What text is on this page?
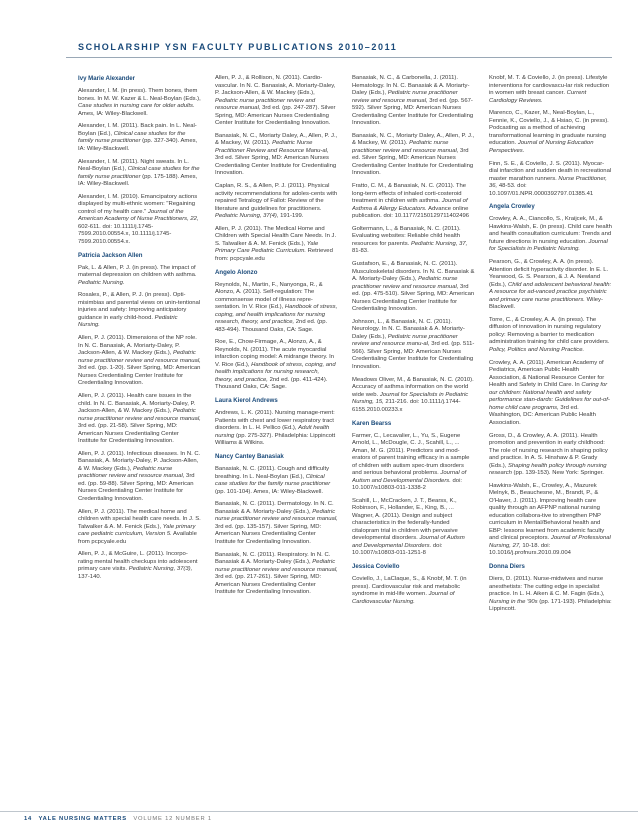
SCHOLARSHIP YSN FACULTY PUBLICATIONS 2010–2011
Ivy Marie Alexander
Alexander, I. M. (in press). Them bones, them bones. In M. W. Kazer & L. Neal-Boylan (Eds.), Case studies in nursing care for older adults. Ames, IA: Wiley-Blackwell.
Alexander, I. M. (2011). Back pain. In L. Neal-Boylan (Ed.), Clinical case studies for the family nurse practitioner (pp. 327-340). Ames, IA: Wiley-Blackwell.
Alexander, I. M. (2011). Night sweats. In L. Neal-Boylan (Ed.), Clinical case studies for the family nurse practitioner (pp. 175-188). Ames, IA: Wiley-Blackwell.
Alexander, I. M. (2010). Emancipatory actions displayed by multi-ethnic women: "Regaining control of my health care." Journal of the American Academy of Nurse Practitioners, 22, 602-611. doi: 10.1111/j.1745-7599.2010.00554.x, 10.1111/j.1745-7599.2010.00554.x.
Patricia Jackson Allen
Pak, L. & Allen, P. J. (in press). The impact of maternal depression on children with asthma. Pediatric Nursing.
Rosales, P., & Allen, P. J. (in press). Opti-misimbias and parental views on unin-tentional injuries and safety: Improving anticipatory guidance in early child-hood. Pediatric Nursing.
Allen, P. J. (2011). Dimensions of the NP role. In N. C. Banasiak, A. Moriarty-Daley, P. Jackson-Allen, & W. Mackey (Eds.), Pediatric nurse practitioner review and resource manual, 3rd ed. (pp. 1-20). Silver Spring, MD: American Nurses Credentialing Center Institute for Credentialing Innovation.
Allen, P. J. (2011). Health care issues in the child. In N. C. Banasiak, A. Moriarty-Daley, P. Jackson-Allen, & W. Mackey (Eds.), Pediatric nurse practitioner review and resource manual, 3rd ed. (pp. 21-58). Silver Spring, MD: American Nurses Credentialing Center Institute for Credentialing Innovation.
Allen, P. J. (2011). Infectious diseases. In N. C. Banasiak, A. Moriarty-Daley, P. Jackson-Allen, & W. Mackey (Eds.), Pediatric nurse practitioner review and resource manual, 3rd ed. (pp. 59-88). Silver Spring, MD: American Nurses Credentialing Center Institute for Credentialing Innovation.
Allen, P. J. (2011). The medical home and children with special health care needs. In J. S. Talwalker & A. M. Fenick (Eds.), Yale primary care pediatric curriculum, Version 5. Available from pcpcyale.edu
Allen, P. J., & McGuire, L. (2011). Incorpo-rating mental health checkups into adolescent primary care visits. Pediatric Nursing, 37(3), 137-140.
Allen, P. J., & Rollison, N. (2011). Cardio-vascular. In N. C. Banasiak, A. Moriarty-Daley, P. Jackson-Allen, & W. Mackey (Eds.), Pediatric nurse practitioner review and resource manual, 3rd ed. (pp. 247-287). Silver Spring, MD: American Nurses Credentialing Center Institute for Credentialing Innovation.
Banasiak, N. C., Moriarty Daley, A., Allen, P. J., & Mackey, W. (2011). Pediatric Nurse Practitioner Review and Resource Manu-al, 3rd ed. Silver Spring, MD: American Nurses Credentialing Center Institute for Credentialing Innovation.
Caplan, R. S., & Allen, P. J. (2011). Physical activity recommendations for adoles-cents with repaired Tetralogy of Fallot: Review of the literature and guidelines for practitioners. Pediatric Nursing, 37(4), 191-199.
Allen, P. J. (2011). The Medical Home and Children with Special Health Care Needs. In J. S. Talwalker & A. M. Fenick (Eds.), Yale Primary Care Pediatric Curriculum. Retrieved from: pcpcyale.edu
Angelo Alonzo
Reynolds, N., Martin, F., Nanyonga, R., & Alonzo, A. (2011). Self-regulation: The commonsense model of illness repre-sentation. In V. Rice (Ed.), Handbook of stress, coping, and health implications for nursing research, theory, and practice, 2nd ed. (pp. 483-494). Thousand Oaks, CA: Sage.
Roe, E., Chow-Firmage, A., Alonzo, A., & Reynolds, N. (2011). The acute myocardial infarction coping model: A midrange theory. In V. Rice (Ed.), Handbook of stress, coping, and health implications for nursing research, theory, and practice, 2nd ed. (pp. 411-424). Thousand Oaks, CA: Sage.
Laura Kierol Andrews
Andrews, L. K. (2011). Nursing manage-ment: Patients with chest and lower respiratory tract disorders. In L. H. Pellico (Ed.), Adult health nursing (pp. 275-327). Philadelphia: Lippincott Williams & Wilkins.
Nancy Cantey Banasiak
Banasiak, N. C. (2011). Cough and difficulty breathing. In L. Neal-Boylan (Ed.), Clinical case studies for the family nurse practitioner (pp. 101-104). Ames, IA: Wiley-Blackwell.
Banasiak, N. C. (2011). Dermatology. In N. C. Banasiak & A. Moriarty-Daley (Eds.), Pediatric nurse practitioner review and resource manual, 3rd ed. (pp. 135-157). Silver Spring, MD: American Nurses Credentialing Center Institute for Credentialing Innovation.
Banasiak, N. C. (2011). Respiratory. In N. C. Banasiak & A. Moriarty-Daley (Eds.), Pediatric nurse practitioner review and resource manual, 3rd ed. (pp. 217-261). Silver Spring, MD: American Nurses Credentialing Center Institute for Credentialing Innovation.
Banasiak, N. C., & Carbonella, J. (2011). Hematology. In N. C. Banasiak & A. Moriarty-Daley (Eds.), Pediatric nurse practitioner review and resource manual, 3rd ed. (pp. 567-592). Silver Spring, MD: American Nurses Credentialing Center Institute for Credentialing Innovation.
Banasiak, N. C., Moriarty Daley, A., Allen, P. J., & Mackey, W. (2011). Pediatric nurse practitioner review and resource manual, 3rd ed. Silver Spring, MD: American Nurses Credentialing Center Institute for Credentialing Innovation.
Fratto, C. M., & Banasiak, N. C. (2011). The long-term effects of inhaled corti-costeroid treatment in children with asthma. Journal of Asthma & Allergy Educators. Advance online publication. doi: 10.1177/2150129711402496
Goltermann, L., & Banasiak, N. C. (2011). Evaluating websites: Reliable child health resources for parents. Pediatric Nursing, 37, 81-83.
Gustafson, E., & Banasiak, N. C. (2011). Musculoskeletal disorders. In N. C. Banasiak & A. Moriarty-Daley (Eds.), Pediatric nurse practitioner review and resource manual, 3rd ed. (pp. 475-510). Silver Spring, MD: American Nurses Credentialing Center Institute for Credentialing Innovation.
Johnson, L., & Banasiak, N. C. (2011). Neurology. In N. C. Banasiak & A. Moriarty-Daley (Eds.), Pediatric nurse practitioner review and resource manu-al, 3rd ed. (pp. 511-566). Silver Spring, MD: American Nurses Credentialing Center Institute for Credentialing Innovation.
Meadows Oliver, M., & Banasiak, N. C. (2010). Accuracy of asthma information on the world wide web. Journal for Specialists in Pediatric Nursing, 15, 211-216. doi: 10.1111/j.1744-6155.2010.00233.x
Karen Bearss
Farmer, C., Lecavalier, L., Yu, S., Eugene Arnold, L., McDougle, C. J., Scahill, L., ... Aman, M. G. (2011). Predictors and mod-erators of parent training efficacy in a sample of children with autism spec-trum disorders and serious behavioral problems. Journal of Autism and Developmental Disorders. doi: 10.1007/s10803-011-1338-2
Scahill, L., McCracken, J. T., Bearss, K., Robinson, F., Hollander, E., King, B., ... Wagner, A. (2011). Design and subject characteristics in the federally-funded citalopram trial in children with pervasive developmental disorders. Journal of Autism and Developmental Disorders. doi: 10.1007/s10803-011-1251-8
Jessica Coviello
Coviello, J., LaClaque, S., & Knobf, M. T. (in press). Cardiovascular risk and metabolic syndrome in mid-life women. Journal of Cardiovascular Nursing.
Knobf, M. T. & Coviello, J. (in press). Lifestyle interventions for cardiovascu-lar risk reduction in women with breast cancer. Current Cardiology Reviews.
Marenco, C., Kazer, M., Neal-Boylan, L., Fennie, K., Coviello, J., & Hsiao, C. (in press). Podcasting as a method of achieving transformational learning in graduate nursing education. Journal of Nursing Education Perspectives.
Finn, S. E., & Coviello, J. S. (2011). Myocar-dial infarction and sudden death in recreational master marathon runners. Nurse Practitioner, 36, 48-53. doi: 10.1097/01.NPR.0000392797.01385.41
Angela Crowley
Crowley, A. A., Ciancollo, S., Kraijcek, M., & Hawkins-Walsh, E. (in press). Child care health and health consultation curriculum: Trends and future directions in nursing education. Journal for Specialists in Pediatric Nursing.
Pearson, G., & Crowley, A. A. (in press). Attention deficit hyperactivity disorder. In E. L. Yearwood, G. S. Pearson, & J. A. Newland (Eds.), Child and adolescent behavioral health: A resource for ad-vanced practice psychiatric and primary care nurse practitioners. Wiley-Blackwell.
Torre, C., & Crowley, A. A. (in press). The diffusion of innovation in nursing regulatory policy: Removing a barrier to medication administration training for child care providers. Policy, Politics and Nursing Practice.
Crowley, A. A. (2011). American Academy of Pediatrics, American Public Health Association, & National Resource Center for Health and Safety in Child Care. In Caring for our children: National health and safety performance stan-dards: Guidelines for out-of-home child care programs, 3rd ed. Washington, DC: American Public Health Association.
Gross, D., & Crowley, A. A. (2011). Health promotion and prevention in early childhood: The role of nursing research in shaping policy and practice. In A. S. Hinshaw & P. Grady (Eds.), Shaping health policy through nursing research (pp. 139-153). New York: Springer.
Hawkins-Walsh, E., Crowley, A., Mazurek Melnyk, B., Beauchesne, M., Brandt, P., & O'Haver, J. (2011). Improving health care quality through an AFPNP national nursing education collabora-tive to strengthen PNP curriculum in Mental/Behavioral health and EBP: lessons learned from academic faculty and clinical preceptors. Journal of Professional Nursing, 27, 10-18. doi: 10.1016/j.profnurs.2010.09.004
Donna Diers
Diers, D. (2011). Nurse-midwives and nurse anesthetists: The cutting edge in specialist practice. In L. H. Aiken & C. M. Fagin (Eds.), Nursing in the '90s (pp. 171-193). Philadelphia: Lippincott.
14 YALE NURSING MATTERS VOLUME 12 NUMBER 1
